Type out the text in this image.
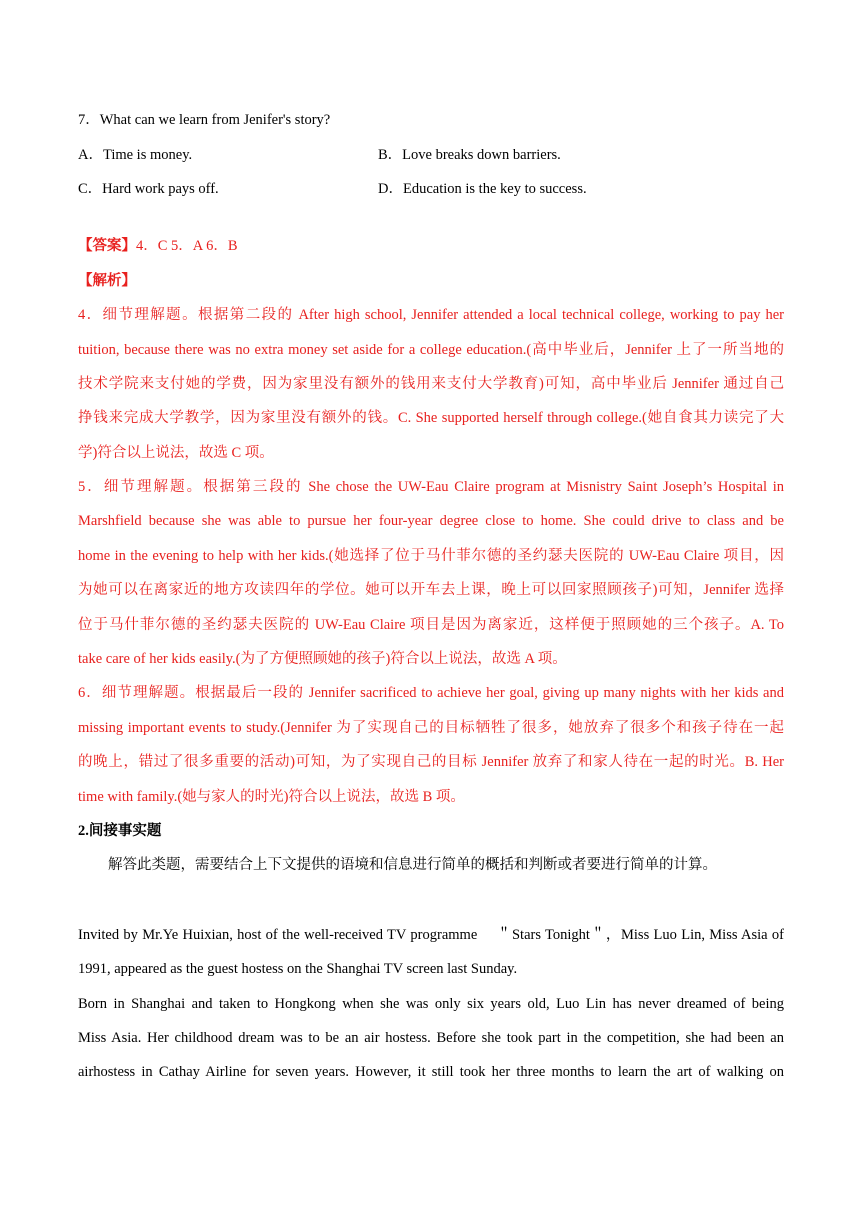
7．What can we learn from Jenifer's story?
A．Time is money.	B．Love breaks down barriers.
C．Hard work pays off.	D．Education is the key to success.
【答案】4．C 5．A 6．B
【解析】
4．细节理解题。根据第二段的 After high school, Jennifer attended a local technical college, working to pay her
tuition, because there was no extra money set aside for a college education.(高中毕业后，Jennifer 上了一所当地的
技术学院来支付她的学费，因为家里没有额外的钱用来支付大学教育)可知，高中毕业后 Jennifer 通过自己
挣钱来完成大学教学，因为家里没有额外的钱。C. She supported herself through college.(她自食其力读完了大
学)符合以上说法，故选 C 项。
5．细节理解题。根据第三段的 She chose the UW-Eau Claire program at Misnistry Saint Joseph’s Hospital in
Marshfield because she was able to pursue her four-year degree close to home. She could drive to class and be
home in the evening to help with her kids.(她选择了位于马什菲尔德的圣约瑟夫医院的 UW-Eau Claire 项目，因
为她可以在离家近的地方攻读四年的学位。她可以开车去上课，晚上可以回家照顾孩子)可知，Jennifer 选择
位于马什菲尔德的圣约瑟夫医院的 UW-Eau Claire 项目是因为离家近，这样便于照顾她的三个孩子。A. To
take care of her kids easily.(为了方便照顾她的孩子)符合以上说法，故选 A 项。
6．细节理解题。根据最后一段的 Jennifer sacrificed to achieve her goal, giving up many nights with her kids and
missing important events to study.(Jennifer 为了实现自己的目标牺牲了很多，她放弃了很多个和孩子待在一起
的晚上，错过了很多重要的活动)可知，为了实现自己的目标 Jennifer 放弃了和家人待在一起的时光。B. Her
time with family.(她与家人的时光)符合以上说法，故选 B 项。
2.间接事实题
解答此类题，需要结合上下文提供的语境和信息进行简单的概括和判断或者要进行简单的计算。
Invited by Mr.Ye Huixian, host of the well-received TV programme 　＂Stars Tonight＂，Miss Luo Lin, Miss Asia of
1991, appeared as the guest hostess on the Shanghai TV screen last Sunday.
Born in Shanghai and taken to Hongkong when she was only six years old, Luo Lin has never dreamed of being
Miss Asia. Her childhood dream was to be an air hostess. Before she took part in the competition, she had been an
airhostess in Cathay Airline for seven years. However, it still took her three months to learn the art of walking on
